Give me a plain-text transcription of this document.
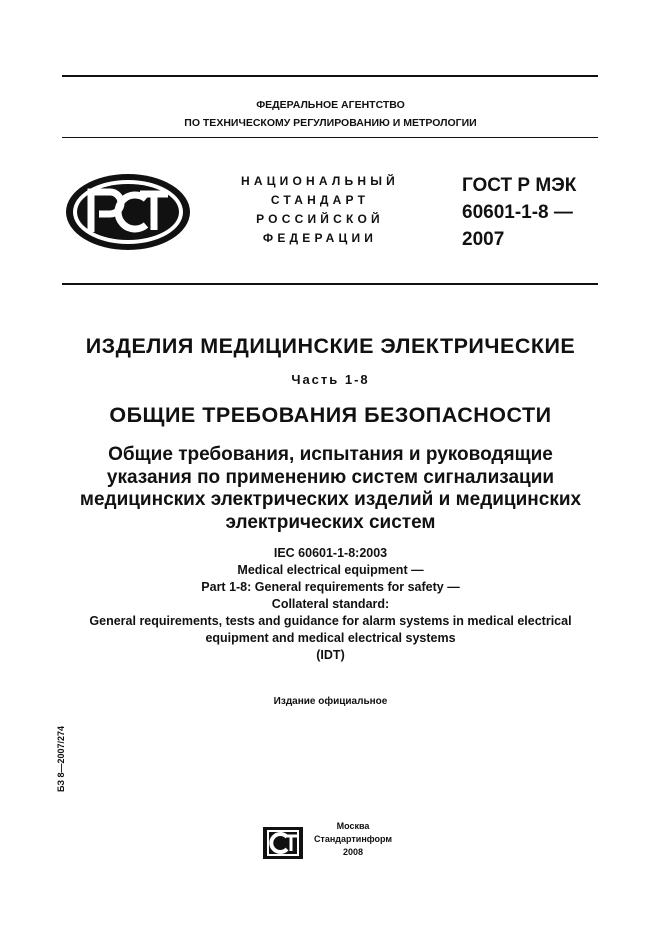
ФЕДЕРАЛЬНОЕ АГЕНТСТВО
ПО ТЕХНИЧЕСКОМУ РЕГУЛИРОВАНИЮ И МЕТРОЛОГИИ
НАЦИОНАЛЬНЫЙ
СТАНДАРТ
РОССИЙСКОЙ
ФЕДЕРАЦИИ
ГОСТ Р МЭК
60601-1-8 —
2007
ИЗДЕЛИЯ МЕДИЦИНСКИЕ ЭЛЕКТРИЧЕСКИЕ
Часть 1-8
ОБЩИЕ ТРЕБОВАНИЯ БЕЗОПАСНОСТИ
Общие требования, испытания и руководящие
указания по применению систем сигнализации
медицинских электрических изделий и медицинских
электрических систем
IEC 60601-1-8:2003
Medical electrical equipment —
Part 1-8: General requirements for safety —
Collateral standard:
General requirements, tests and guidance for alarm systems in medical electrical
equipment and medical electrical systems
(IDT)
Издание официальное
БЗ 8—2007/274
Москва
Стандартинформ
2008
